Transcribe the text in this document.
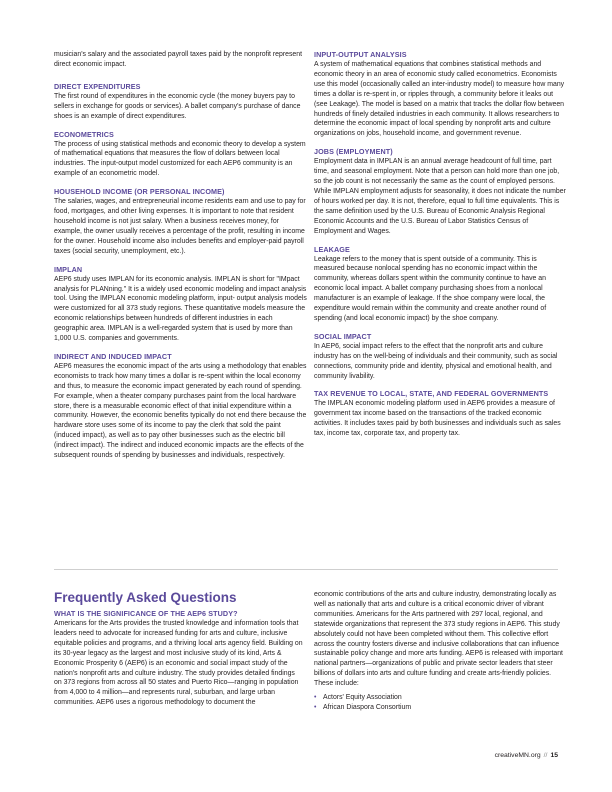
musician's salary and the associated payroll taxes paid by the nonprofit represent direct economic impact.

DIRECT EXPENDITURES

The first round of expenditures in the economic cycle (the money buyers pay to sellers in exchange for goods or services). A ballet company's purchase of dance shoes is an example of direct expenditures.

ECONOMETRICS

The process of using statistical methods and economic theory to develop a system of mathematical equations that measures the flow of dollars between local industries. The input-output model customized for each AEP6 community is an example of an econometric model.

HOUSEHOLD INCOME (OR PERSONAL INCOME)

The salaries, wages, and entrepreneurial income residents earn and use to pay for food, mortgages, and other living expenses. It is important to note that resident household income is not just salary. When a business receives money, for example, the owner usually receives a percentage of the profit, resulting in income for the owner. Household income also includes benefits and employer-paid payroll taxes (social security, unemployment, etc.).

IMPLAN

AEP6 study uses IMPLAN for its economic analysis. IMPLAN is short for "IMpact analysis for PLANning." It is a widely used economic modeling and impact analysis tool. Using the IMPLAN economic modeling platform, input- output analysis models were customized for all 373 study regions. These quantitative models measure the economic relationships between hundreds of different industries in each geographic area. IMPLAN is a well-regarded system that is used by more than 1,000 U.S. companies and governments.

INDIRECT AND INDUCED IMPACT

AEP6 measures the economic impact of the arts using a methodology that enables economists to track how many times a dollar is re-spent within the local economy and thus, to measure the economic impact generated by each round of spending. For example, when a theater company purchases paint from the local hardware store, there is a measurable economic effect of that initial expenditure within a community. However, the economic benefits typically do not end there because the hardware store uses some of its income to pay the clerk that sold the paint (induced impact), as well as to pay other businesses such as the electric bill (indirect impact). The indirect and induced economic impacts are the effects of the subsequent rounds of spending by businesses and individuals, respectively.

INPUT-OUTPUT ANALYSIS

A system of mathematical equations that combines statistical methods and economic theory in an area of economic study called econometrics. Economists use this model (occasionally called an inter-industry model) to measure how many times a dollar is re-spent in, or ripples through, a community before it leaks out (see Leakage). The model is based on a matrix that tracks the dollar flow between hundreds of finely detailed industries in each community. It allows researchers to determine the economic impact of local spending by nonprofit arts and culture organizations on jobs, household income, and government revenue.

JOBS (EMPLOYMENT)

Employment data in IMPLAN is an annual average headcount of full time, part time, and seasonal employment. Note that a person can hold more than one job, so the job count is not necessarily the same as the count of employed persons. While IMPLAN employment adjusts for seasonality, it does not indicate the number of hours worked per day. It is not, therefore, equal to full time equivalents. This is the same definition used by the U.S. Bureau of Economic Analysis Regional Economic Accounts and the U.S. Bureau of Labor Statistics Census of Employment and Wages.

LEAKAGE

Leakage refers to the money that is spent outside of a community. This is measured because nonlocal spending has no economic impact within the community, whereas dollars spent within the community continue to have an economic local impact. A ballet company purchasing shoes from a nonlocal manufacturer is an example of leakage. If the shoe company were local, the expenditure would remain within the community and create another round of spending (and local economic impact) by the shoe company.

SOCIAL IMPACT

In AEP6, social impact refers to the effect that the nonprofit arts and culture industry has on the well-being of individuals and their community, such as social connections, community pride and identity, physical and emotional health, and community livability.

TAX REVENUE TO LOCAL, STATE, AND FEDERAL GOVERNMENTS

The IMPLAN economic modeling platform used in AEP6 provides a measure of government tax income based on the transactions of the tracked economic activities. It includes taxes paid by both businesses and individuals such as sales tax, income tax, corporate tax, and property tax.

Frequently Asked Questions
WHAT IS THE SIGNIFICANCE OF THE AEP6 STUDY?

Americans for the Arts provides the trusted knowledge and information tools that leaders need to advocate for increased funding for arts and culture, inclusive equitable policies and programs, and a thriving local arts agency field. Building on its 30-year legacy as the largest and most inclusive study of its kind, Arts & Economic Prosperity 6 (AEP6) is an economic and social impact study of the nation's nonprofit arts and culture industry. The study provides detailed findings on 373 regions from across all 50 states and Puerto Rico—ranging in population from 4,000 to 4 million—and represents rural, suburban, and large urban communities. AEP6 uses a rigorous methodology to document the

economic contributions of the arts and culture industry, demonstrating locally as well as nationally that arts and culture is a critical economic driver of vibrant communities. Americans for the Arts partnered with 297 local, regional, and statewide organizations that represent the 373 study regions in AEP6. This study absolutely could not have been completed without them. This collective effort across the country fosters diverse and inclusive collaborations that can influence sustainable policy change and more arts funding. AEP6 is released with important national partners—organizations of public and private sector leaders that steer billions of dollars into arts and culture funding and create arts-friendly policies. These include:

• Actors' Equity Association
• African Diaspora Consortium
creativeMN.org // 15
